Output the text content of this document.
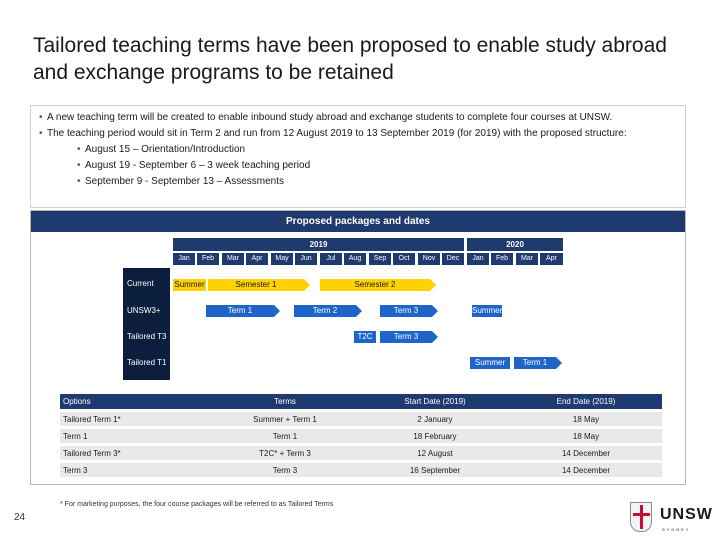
Tailored teaching terms have been proposed to enable study abroad and exchange programs to be retained
• A new teaching term will be created to enable inbound study abroad and exchange students to complete four courses at UNSW.
• The teaching period would sit in Term 2 and run from 12 August 2019 to 13 September 2019 (for 2019) with the proposed structure:
• August 15 – Orientation/Introduction
• August 19 - September 6 – 3 week teaching period
• September 9 - September 13 – Assessments
Proposed packages and dates
2019	2020
Jan	Feb	Mar	Apr	May	Jun	Jul	Aug	Sep	Oct	Nov	Dec	Jan	Feb	Mar	Apr
Current
UNSW3+
Tailored T3
Tailored T1
Summer	Semester 1	Semester 2
Term 1	Term 2	Term 3	Summer
T2C	Term 3
Summer	Term 1
Options	Terms	Start Date (2019)	End Date (2019)
Tailored Term 1*	Summer + Term 1	2 January	18 May
Term 1	Term 1	18 February	18 May
Tailored Term 3*	T2C* + Term 3	12 August	14 December
Term 3	Term 3	16 September	14 December
* For marketing purposes, the four course packages will be referred to as Tailored Terms
24	UNSW
SYDNEY
